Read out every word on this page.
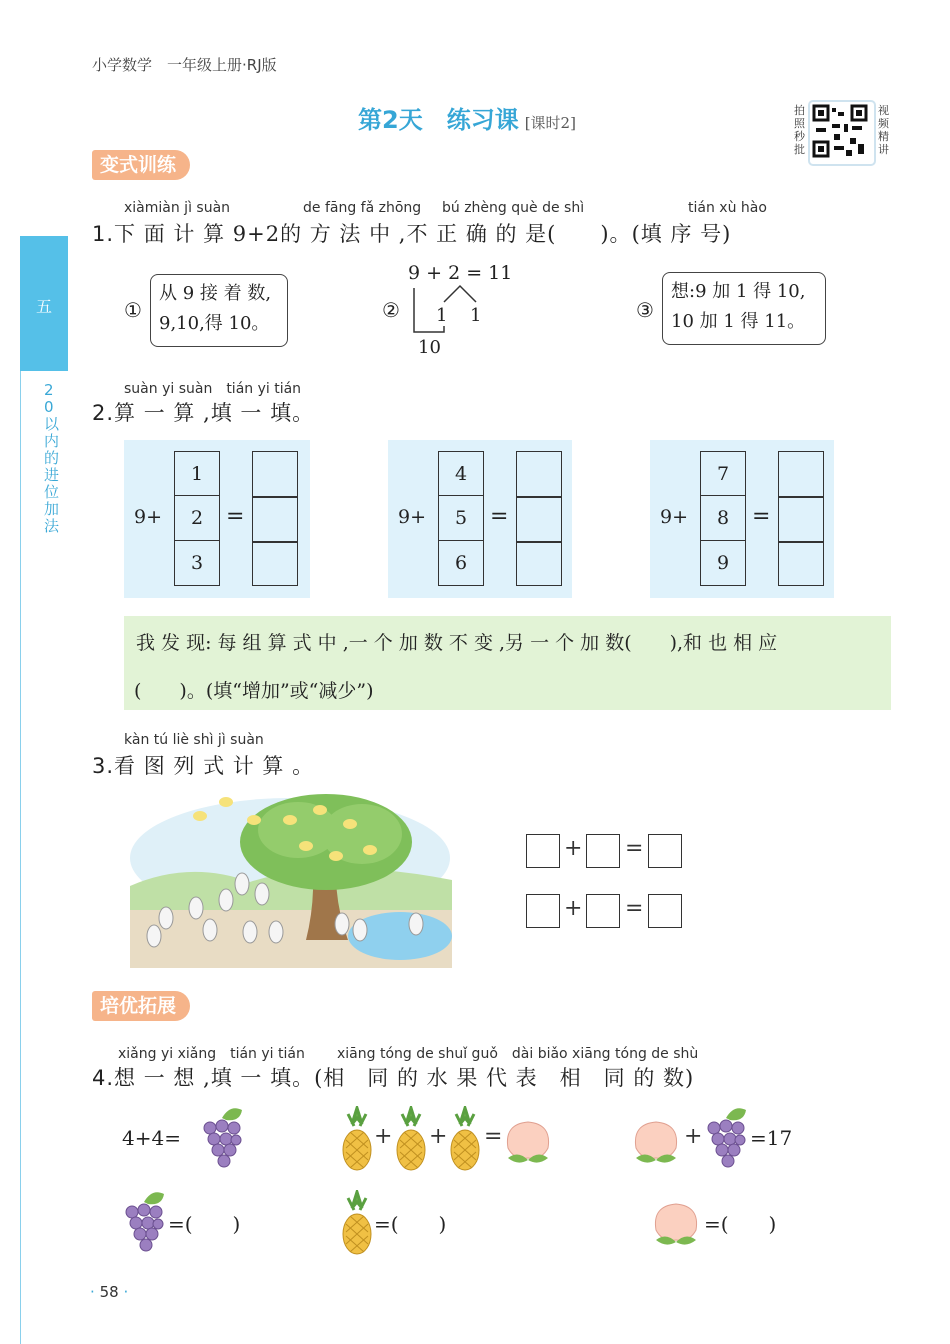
小学数学　一年级上册·RJ版
第2天　练习课 [课时2]
拍照秒批
视频精讲
五
20以内的进位加法
变式训练
xiàmiàn jì suàn	de fāng fǎ zhōng bú zhèng què de shì	tián xù hào
1.下 面 计 算 9+2的 方 法 中 ,不 正 确 的 是(　　)。(填 序 号)
①
从 9 接 着 数,
9,10,得 10。
②
9 + 2 = 11
1 1
10
③
想:9 加 1 得 10,
10 加 1 得 11。
suàn yi suàn　tián yi tián
2.算 一 算 ,填 一 填。
9+
1
2
3
=	9+
4
5
6
=	9+
7
8
9
=
我 发 现: 每 组 算 式 中 ,一 个 加 数 不 变 ,另 一 个 加 数(　　),和 也 相 应
(　　)。(填“增加”或“减少”)
kàn tú liè shì jì suàn
3.看 图 列 式 计 算 。
+ =
+ =
培优拓展
xiǎng yi xiǎng　tián yi tián xiāng tóng de shuǐ guǒ　dài biǎo xiāng tóng de shù
4.想 一 想 ,填 一 填。(相　同 的 水 果 代 表　相　同 的 数)
4+4=	+ + =	+ =17
=(　　)	=(　　)	=(　　)
· 58 ·
